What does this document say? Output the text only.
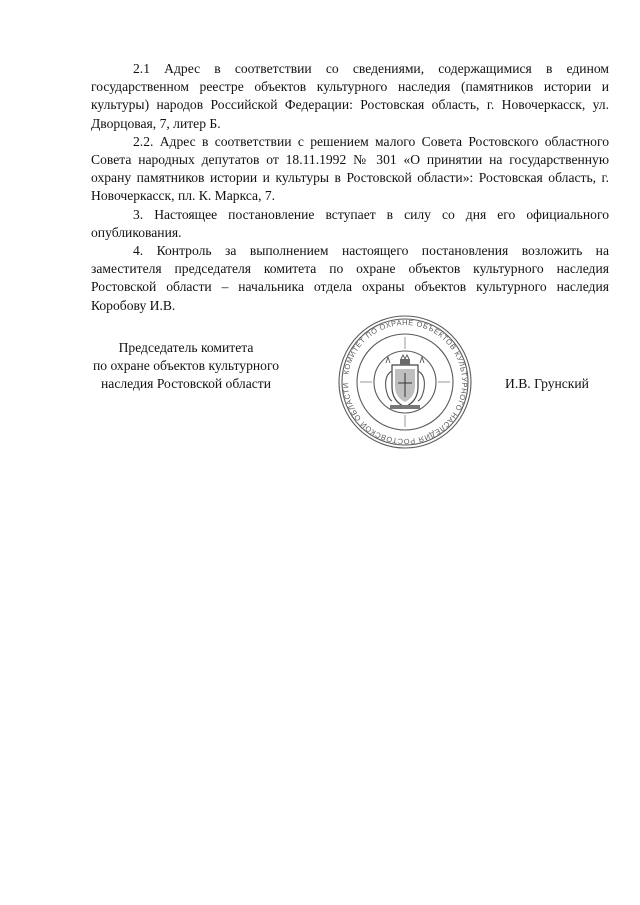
2.1 Адрес в соответствии со сведениями, содержащимися в едином государственном реестре объектов культурного наследия (памятников истории и культуры) народов Российской Федерации: Ростовская область, г. Новочеркасск, ул. Дворцовая, 7, литер Б.

2.2. Адрес в соответствии с решением малого Совета Ростовского областного Совета народных депутатов от 18.11.1992 № 301 «О принятии на государственную охрану памятников истории и культуры в Ростовской области»: Ростовская область, г. Новочеркасск, пл. К. Маркса, 7.

3. Настоящее постановление вступает в силу со дня его официального опубликования.

4. Контроль за выполнением настоящего постановления возложить на заместителя председателя комитета по охране объектов культурного наследия Ростовской области – начальника отдела охраны объектов культурного наследия Коробову И.В.

Председатель комитета
по охране объектов культурного
наследия Ростовской области
КОМИТЕТ ПО ОХРАНЕ ОБЪЕКТОВ КУЛЬТУРНОГО НАСЛЕДИЯ РОСТОВСКОЙ ОБЛАСТИ	И.В. Грунский
